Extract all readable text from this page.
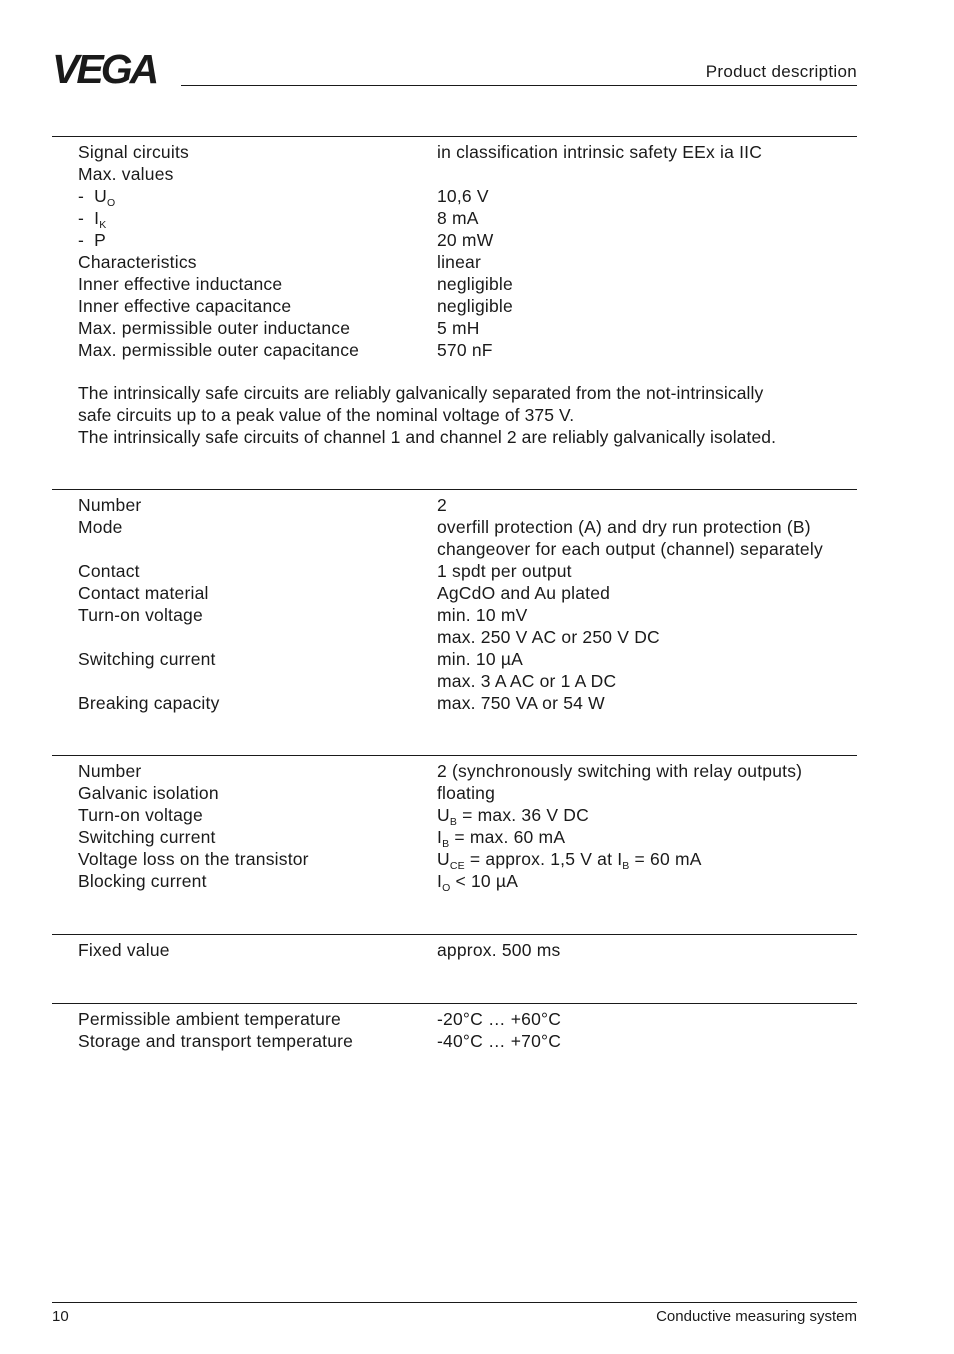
VEGA	Product description
Signal circuits	in classification intrinsic safety EEx ia IIC
Max. values
-  $U_O$	10,6 V
-  $I_K$	8 mA
-  P	20 mW
Characteristics	linear
Inner effective inductance	negligible
Inner effective capacitance	negligible
Max. permissible outer inductance	5 mH
Max. permissible outer capacitance	570 nF
The intrinsically safe circuits are reliably galvanically separated from the not-intrinsically
safe circuits up to a peak value of the nominal voltage of 375 V.
The intrinsically safe circuits of channel 1 and channel 2 are reliably galvanically isolated.
Number	2
Mode	overfill protection (A) and dry run protection (B)
changeover for each output (channel) separately
Contact	1 spdt per output
Contact material	AgCdO and Au plated
Turn-on voltage	min. 10 mV
max. 250 V AC or 250 V DC
Switching current	min. 10 µA
max. 3 A AC or 1 A DC
Breaking capacity	max. 750 VA or 54 W
Number	2 (synchronously switching with relay outputs)
Galvanic isolation	floating
Turn-on voltage	$U_B = \max$. 36 V DC
Switching current	$I_B = \max$. 60 mA
Voltage loss on the transistor	$U_{CE}$ = approx. 1,5 V at $I_B = 60$ mA
Blocking current	$I_O < 10$ µA
Fixed value	approx. 500 ms
Permissible ambient temperature	-20°C … +60°C
Storage and transport temperature	-40°C … +70°C
10	Conductive measuring system
